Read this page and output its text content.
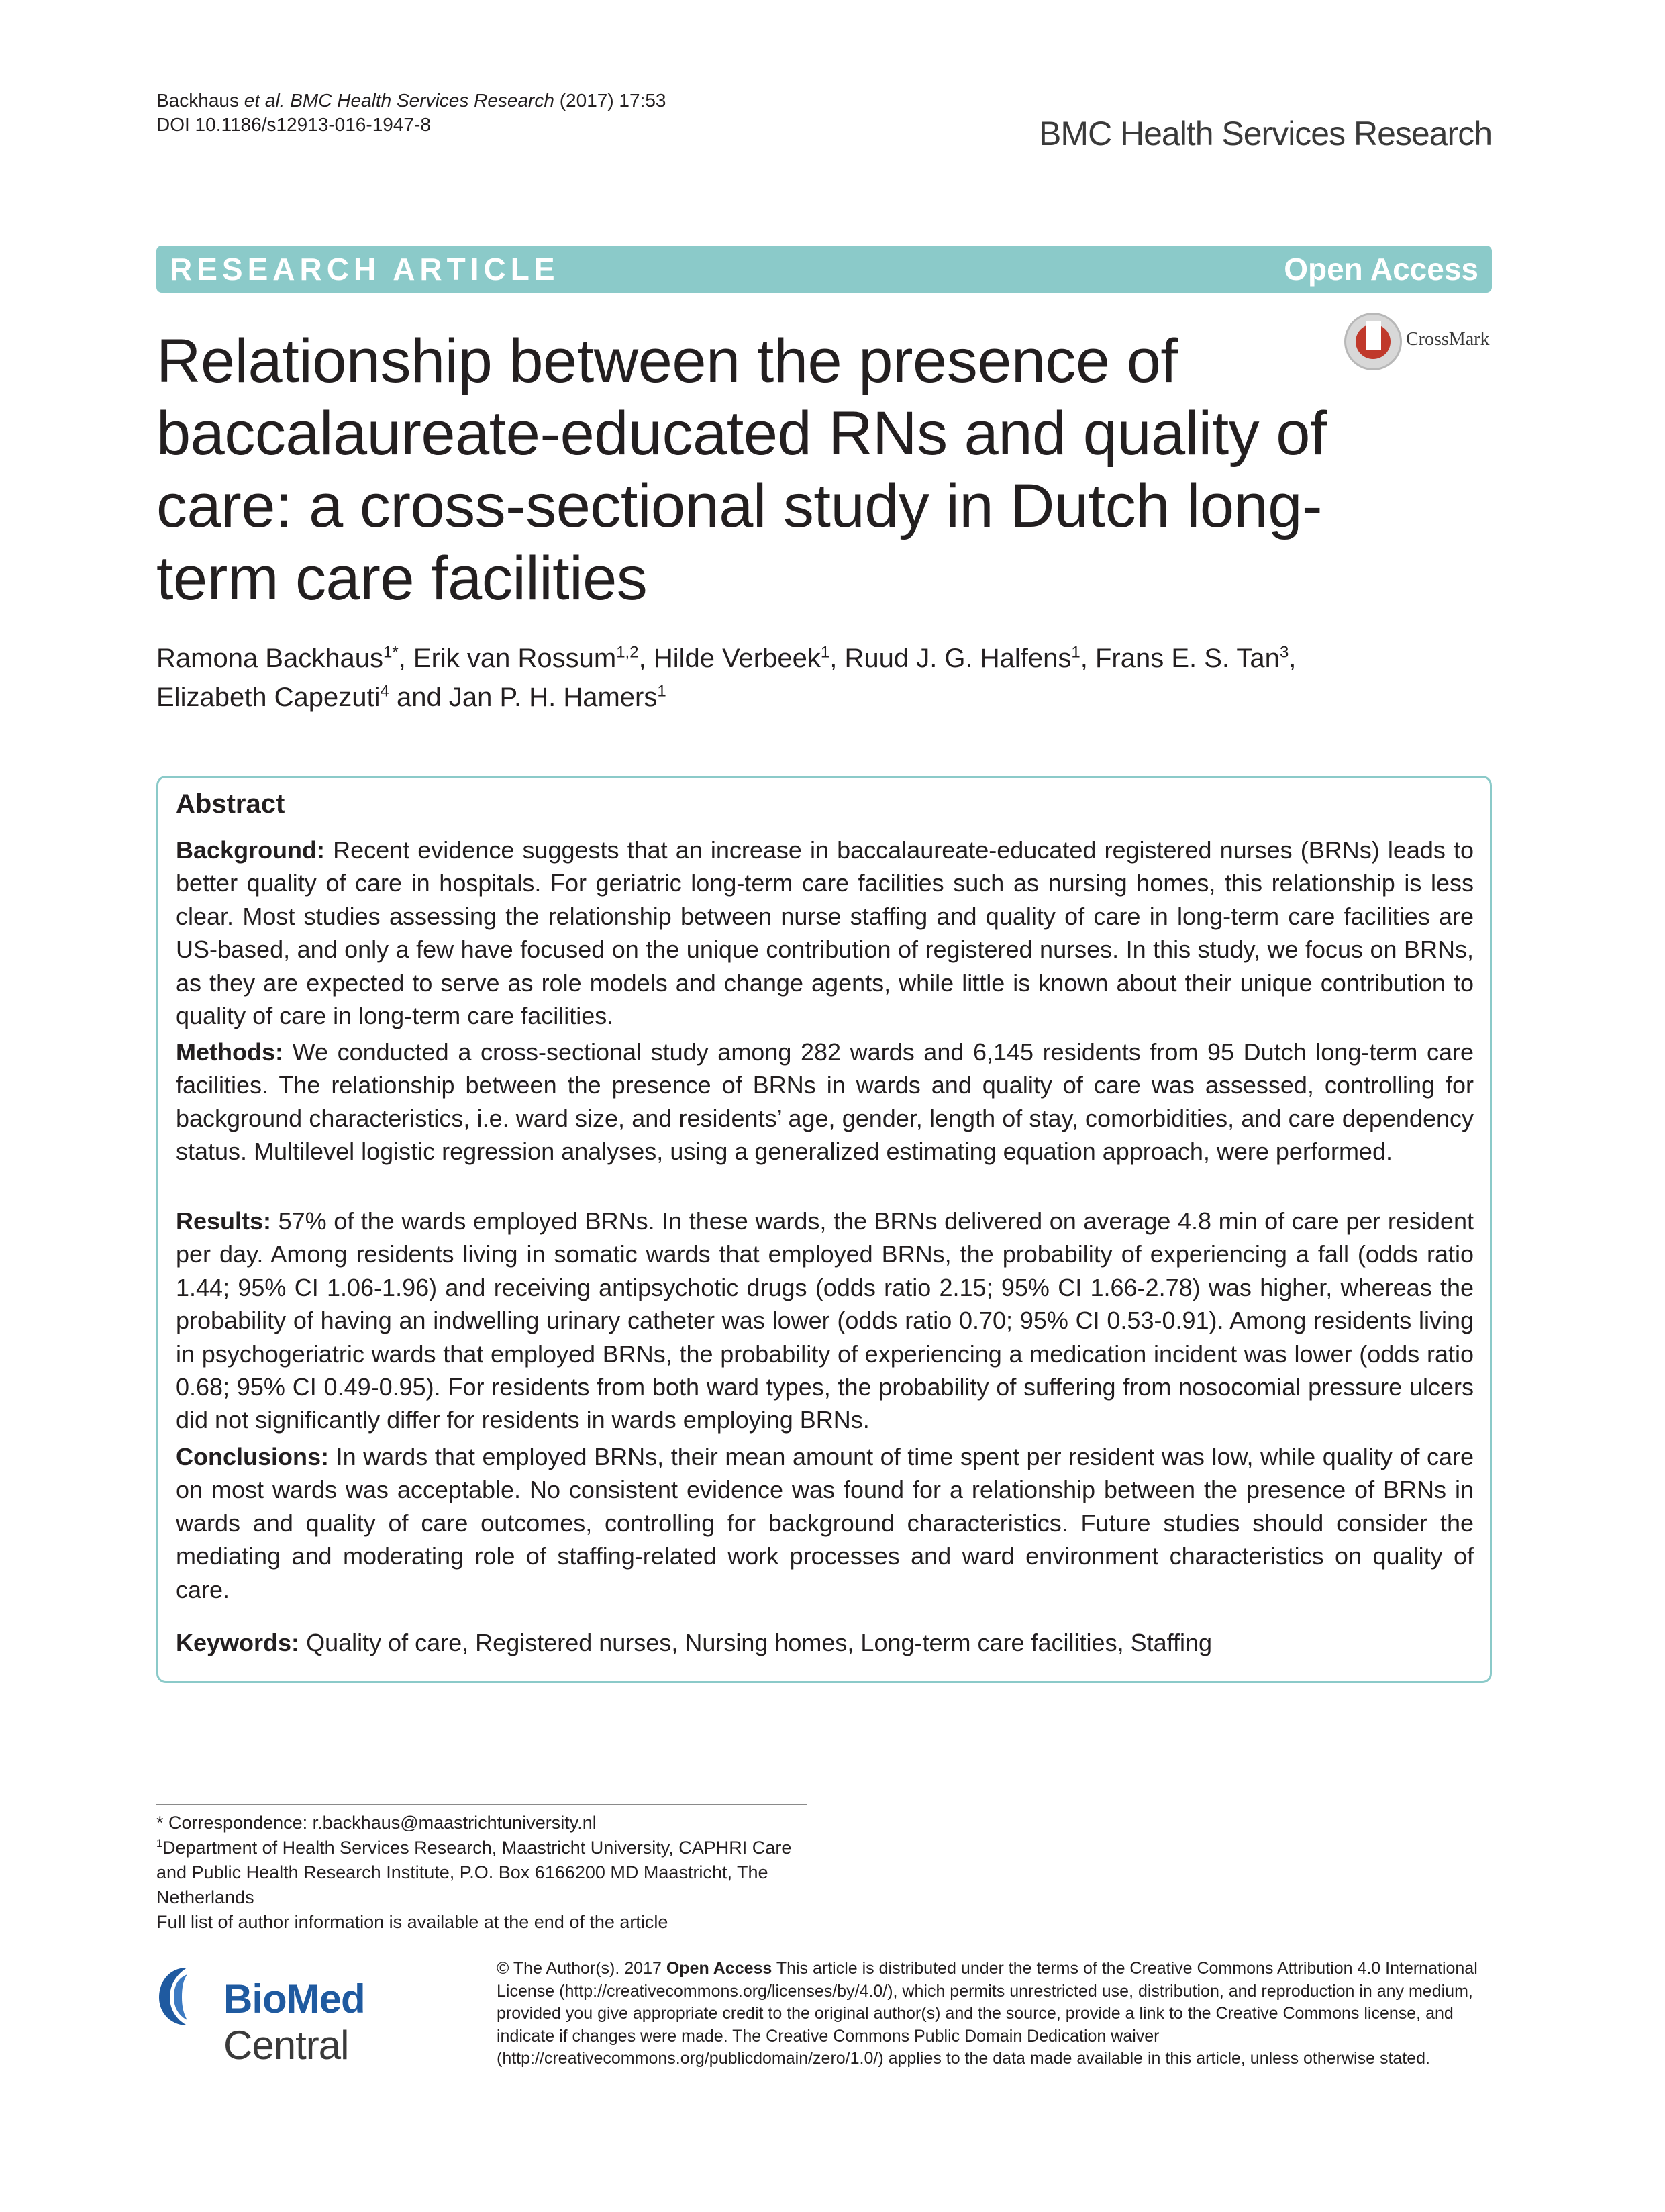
Backhaus et al. BMC Health Services Research (2017) 17:53
DOI 10.1186/s12913-016-1947-8	BMC Health Services Research
RESEARCH ARTICLE	Open Access
CrossMark
Relationship between the presence of baccalaureate-educated RNs and quality of care: a cross-sectional study in Dutch long-term care facilities
Ramona Backhaus$^{1*}$, Erik van Rossum$^{1,2}$, Hilde Verbeek$^1$, Ruud J. G. Halfens$^1$, Frans E. S. Tan$^3$,
Elizabeth Capezuti$^4$ and Jan P. H. Hamers$^1$
Abstract
Background: Recent evidence suggests that an increase in baccalaureate-educated registered nurses (BRNs) leads to better quality of care in hospitals. For geriatric long-term care facilities such as nursing homes, this relationship is less clear. Most studies assessing the relationship between nurse staffing and quality of care in long-term care facilities are US-based, and only a few have focused on the unique contribution of registered nurses. In this study, we focus on BRNs, as they are expected to serve as role models and change agents, while little is known about their unique contribution to quality of care in long-term care facilities.
Methods: We conducted a cross-sectional study among 282 wards and 6,145 residents from 95 Dutch long-term care facilities. The relationship between the presence of BRNs in wards and quality of care was assessed, controlling for background characteristics, i.e. ward size, and residents’ age, gender, length of stay, comorbidities, and care dependency status. Multilevel logistic regression analyses, using a generalized estimating equation approach, were performed.
Results: 57% of the wards employed BRNs. In these wards, the BRNs delivered on average 4.8 min of care per resident per day. Among residents living in somatic wards that employed BRNs, the probability of experiencing a fall (odds ratio 1.44; 95% CI 1.06-1.96) and receiving antipsychotic drugs (odds ratio 2.15; 95% CI 1.66-2.78) was higher, whereas the probability of having an indwelling urinary catheter was lower (odds ratio 0.70; 95% CI 0.53-0.91). Among residents living in psychogeriatric wards that employed BRNs, the probability of experiencing a medication incident was lower (odds ratio 0.68; 95% CI 0.49-0.95). For residents from both ward types, the probability of suffering from nosocomial pressure ulcers did not significantly differ for residents in wards employing BRNs.
Conclusions: In wards that employed BRNs, their mean amount of time spent per resident was low, while quality of care on most wards was acceptable. No consistent evidence was found for a relationship between the presence of BRNs in wards and quality of care outcomes, controlling for background characteristics. Future studies should consider the mediating and moderating role of staffing-related work processes and ward environment characteristics on quality of care.
Keywords: Quality of care, Registered nurses, Nursing homes, Long-term care facilities, Staffing
* Correspondence: r.backhaus@maastrichtuniversity.nl
$^1$Department of Health Services Research, Maastricht University, CAPHRI Care and Public Health Research Institute, P.O. Box 6166200 MD Maastricht, The Netherlands
Full list of author information is available at the end of the article
BioMed Central
© The Author(s). 2017 Open Access This article is distributed under the terms of the Creative Commons Attribution 4.0 International License (http://creativecommons.org/licenses/by/4.0/), which permits unrestricted use, distribution, and reproduction in any medium, provided you give appropriate credit to the original author(s) and the source, provide a link to the Creative Commons license, and indicate if changes were made. The Creative Commons Public Domain Dedication waiver (http://creativecommons.org/publicdomain/zero/1.0/) applies to the data made available in this article, unless otherwise stated.
